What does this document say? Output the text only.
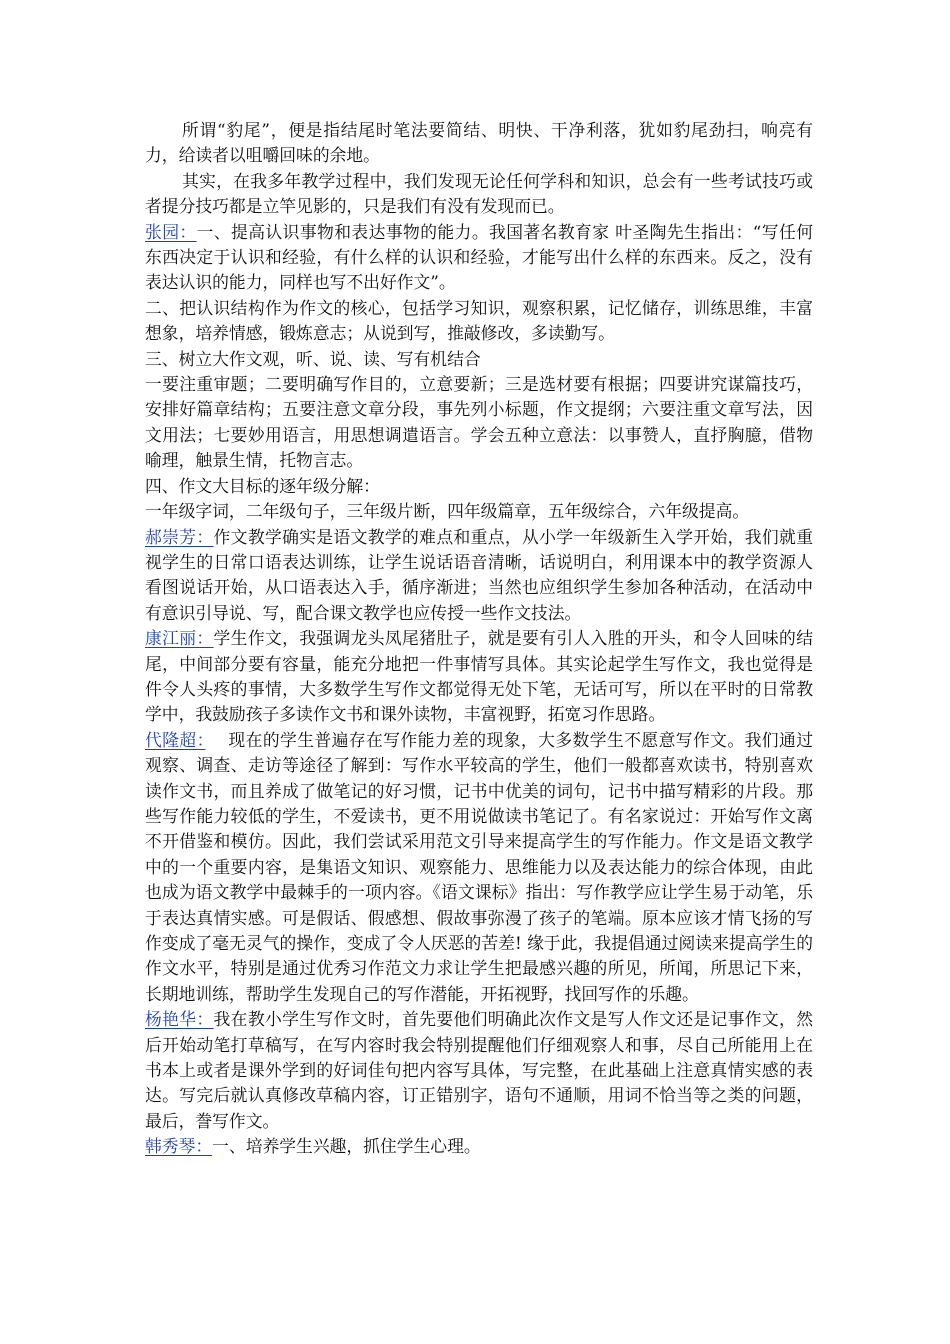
所谓“豹尾”，便是指结尾时笔法要简结、明快、干净利落，犹如豹尾劲扫，响亮有力，给读者以咀嚼回味的余地。

其实，在我多年教学过程中，我们发现无论任何学科和知识，总会有一些考试技巧或者提分技巧都是立竿见影的，只是我们有没有发现而已。

张园：一、提高认识事物和表达事物的能力。我国著名教育家 叶圣陶先生指出：“写任何东西决定于认识和经验，有什么样的认识和经验，才能写出什么样的东西来。反之，没有表达认识的能力，同样也写不出好作文”。

二、把认识结构作为作文的核心，包括学习知识，观察积累，记忆储存，训练思维，丰富想象，培养情感，锻炼意志；从说到写，推敲修改，多读勤写。

三、树立大作文观，听、说、读、写有机结合

一要注重审题；二要明确写作目的，立意要新；三是选材要有根据；四要讲究谋篇技巧，安排好篇章结构；五要注意文章分段，事先列小标题，作文提纲；六要注重文章写法，因文用法；七要妙用语言，用思想调遣语言。学会五种立意法：以事赞人，直抒胸臆，借物喻理，触景生情，托物言志。

四、作文大目标的逐年级分解：

一年级字词，二年级句子，三年级片断，四年级篇章，五年级综合，六年级提高。

郝崇芳：作文教学确实是语文教学的难点和重点，从小学一年级新生入学开始，我们就重视学生的日常口语表达训练，让学生说话语音清晰，话说明白，利用课本中的教学资源人看图说话开始，从口语表达入手，循序渐进；当然也应组织学生参加各种活动，在活动中有意识引导说、写，配合课文教学也应传授一些作文技法。

康江丽：学生作文，我强调龙头凤尾猪肚子，就是要有引人入胜的开头，和令人回味的结尾，中间部分要有容量，能充分地把一件事情写具体。其实论起学生写作文，我也觉得是件令人头疼的事情，大多数学生写作文都觉得无处下笔，无话可写，所以在平时的日常教学中，我鼓励孩子多读作文书和课外读物，丰富视野，拓宽习作思路。

代隆超：　 现在的学生普遍存在写作能力差的现象，大多数学生不愿意写作文。我们通过观察、调查、走访等途径了解到：写作水平较高的学生，他们一般都喜欢读书，特别喜欢读作文书，而且养成了做笔记的好习惯，记书中优美的词句，记书中描写精彩的片段。那些写作能力较低的学生，不爱读书，更不用说做读书笔记了。有名家说过：开始写作文离不开借鉴和模仿。因此，我们尝试采用范文引导来提高学生的写作能力。作文是语文教学中的一个重要内容，是集语文知识、观察能力、思维能力以及表达能力的综合体现，由此也成为语文教学中最棘手的一项内容。《语文课标》指出：写作教学应让学生易于动笔，乐于表达真情实感。可是假话、假感想、假故事弥漫了孩子的笔端。原本应该才情飞扬的写作变成了毫无灵气的操作，变成了令人厌恶的苦差! 缘于此，我提倡通过阅读来提高学生的作文水平，特别是通过优秀习作范文力求让学生把最感兴趣的所见，所闻，所思记下来，长期地训练，帮助学生发现自己的写作潜能，开拓视野，找回写作的乐趣。

杨艳华：我在教小学生写作文时，首先要他们明确此次作文是写人作文还是记事作文，然后开始动笔打草稿写，在写内容时我会特别提醒他们仔细观察人和事，尽自己所能用上在书本上或者是课外学到的好词佳句把内容写具体，写完整，在此基础上注意真情实感的表达。写完后就认真修改草稿内容，订正错别字，语句不通顺，用词不恰当等之类的问题，最后，誊写作文。

韩秀琴：一、培养学生兴趣，抓住学生心理。
